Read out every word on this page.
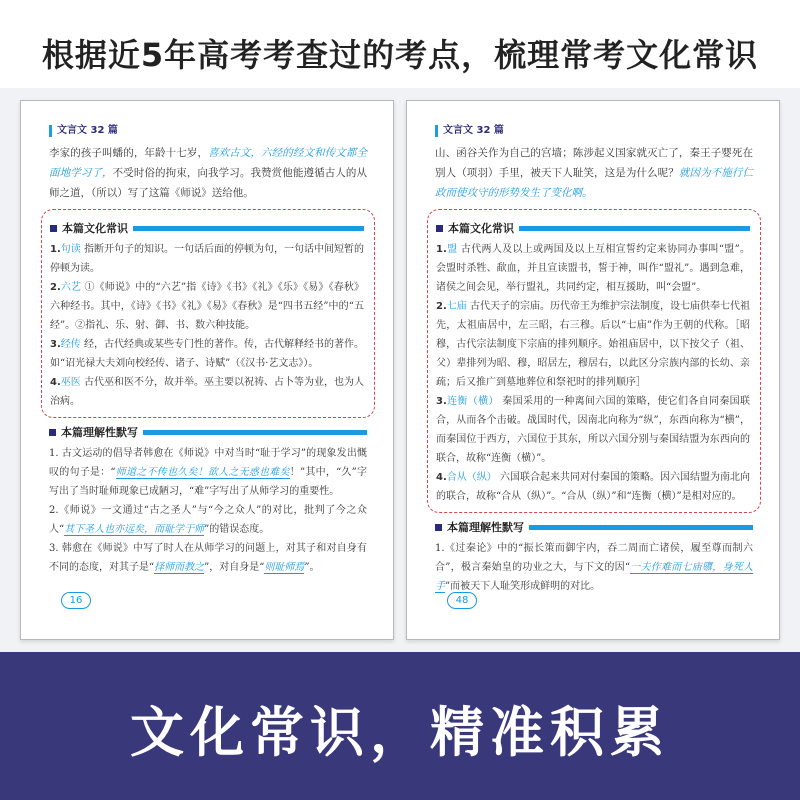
根据近5年高考考查过的考点，梳理常考文化常识
文言文 32 篇
李家的孩子叫蟠的，年龄十七岁，喜欢古文，六经的经文和传文都全面地学习了，不受时俗的拘束，向我学习。我赞赏他能遵循古人的从师之道，（所以）写了这篇《师说》送给他。
本篇文化常识
1.句读 指断开句子的知识。一句话后面的停顿为句，一句话中间短暂的停顿为读。
2.六艺 ①《师说》中的“六艺”指《诗》《书》《礼》《乐》《易》《春秋》六种经书。其中，《诗》《书》《礼》《易》《春秋》是“四书五经”中的“五经”。②指礼、乐、射、御、书、数六种技能。
3.经传 经，古代经典或某些专门性的著作。传，古代解释经书的著作。如“诏光禄大夫刘向校经传、诸子、诗赋”（《汉书·艺文志》）。
4.巫医 古代巫和医不分，故并举。巫主要以祝祷、占卜等为业，也为人治病。
本篇理解性默写
1. 古文运动的倡导者韩愈在《师说》中对当时“耻于学习”的现象发出慨叹的句子是：“师道之不传也久矣！欲人之无惑也难矣！”其中，“久”字写出了当时耻师现象已成陋习，“难”字写出了从师学习的重要性。
2.《师说》一文通过“古之圣人”与“今之众人”的对比，批判了今之众人“其下圣人也亦远矣，而耻学于师”的错误态度。
3. 韩愈在《师说》中写了时人在从师学习的问题上，对其子和对自身有不同的态度，对其子是“择师而教之”，对自身是“则耻师焉”。
16
文言文 32 篇
山、函谷关作为自己的宫墙；陈涉起义国家就灭亡了，秦王子婴死在别人（项羽）手里，被天下人耻笑，这是为什么呢？就因为不施行仁政而使攻守的形势发生了变化啊。
本篇文化常识
1.盟 古代两人及以上或两国及以上互相宣誓约定来协同办事叫“盟”。会盟时杀牲、歃血，并且宣读盟书，誓于神，叫作“盟礼”。遇到急难，诸侯之间会见，举行盟礼，共同约定，相互援助，叫“会盟”。
2.七庙 古代天子的宗庙。历代帝王为维护宗法制度，设七庙供奉七代祖先，太祖庙居中，左三昭，右三穆。后以“七庙”作为王朝的代称。［昭穆，古代宗法制度下宗庙的排列顺序。始祖庙居中，以下按父子（祖、父）辈排列为昭、穆，昭居左，穆居右，以此区分宗族内部的长幼、亲疏；后又推广到墓地葬位和祭祀时的排列顺序］
3.连衡（横） 秦国采用的一种离间六国的策略，使它们各自同秦国联合，从而各个击破。战国时代，因南北向称为“纵”，东西向称为“横”，而秦国位于西方，六国位于其东，所以六国分别与秦国结盟为东西向的联合，故称“连衡（横）”。
4.合从（纵） 六国联合起来共同对付秦国的策略。因六国结盟为南北向的联合，故称“合从（纵）”。“合从（纵）”和“连衡（横）”是相对应的。
本篇理解性默写
1.《过秦论》中的“振长策而御宇内，吞二周而亡诸侯，履至尊而制六合”，极言秦始皇的功业之大，与下文的因“一夫作难而七庙隳，身死人手”而被天下人耻笑形成鲜明的对比。
48
文化常识，精准积累
